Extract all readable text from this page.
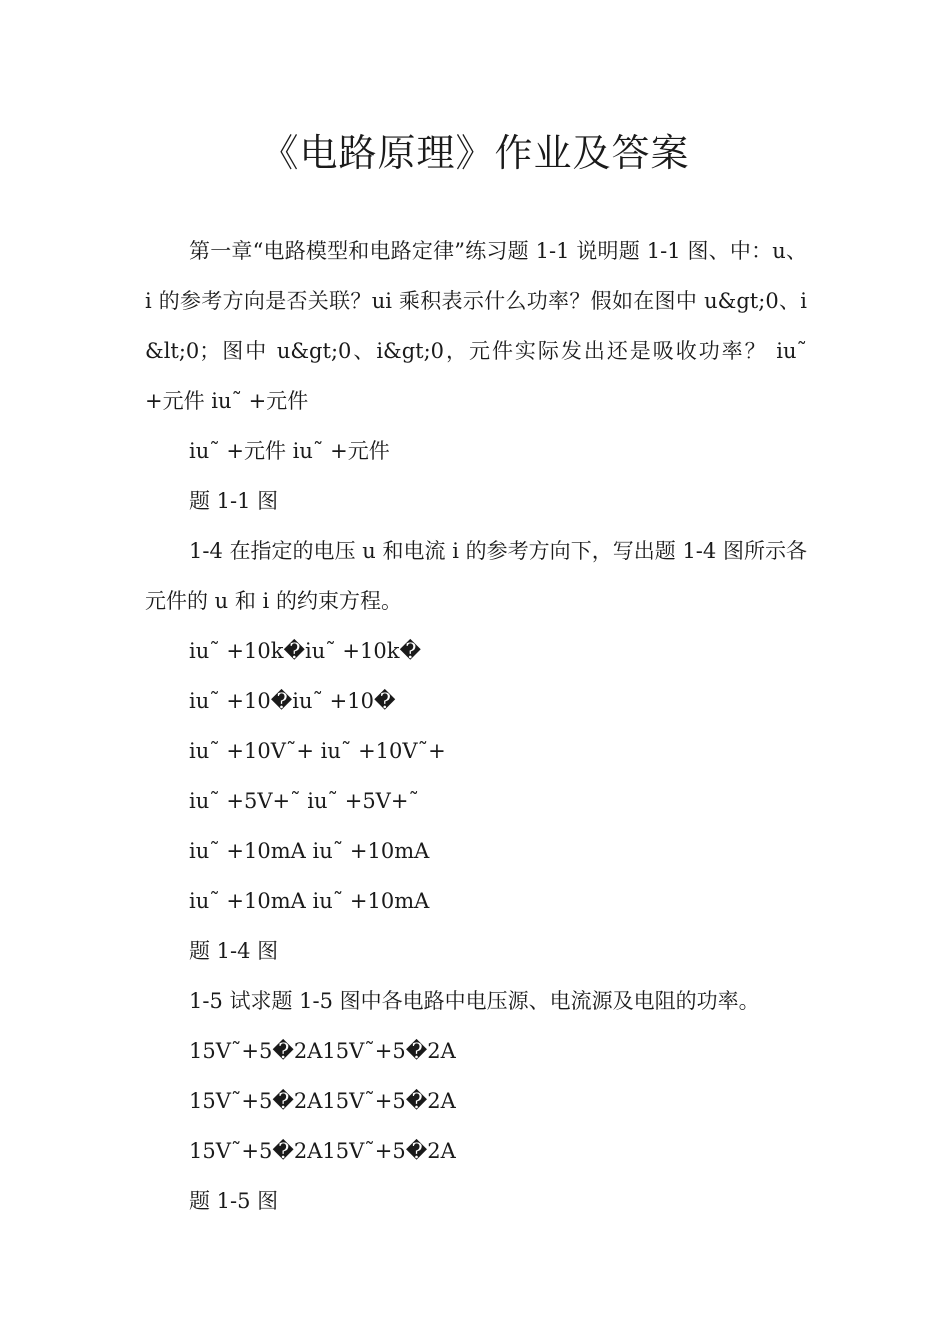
《电路原理》作业及答案

第一章“电路模型和电路定律”练习题 1-1 说明题 1-1 图、中：u、i 的参考方向是否关联？ui 乘积表示什么功率？假如在图中 u&gt;0、i&lt;0；图中 u&gt;0、i&gt;0，元件实际发出还是吸收功率？ iu˜ +元件 iu˜ +元件

iu˜ +元件 iu˜ +元件

题 1-1 图

1-4 在指定的电压 u 和电流 i 的参考方向下，写出题 1-4 图所示各元件的 u 和 i 的约束方程。

iu˜ +10k�iu˜ +10k�

iu˜ +10�iu˜ +10�

iu˜ +10V˜+ iu˜ +10V˜+

iu˜ +5V+˜ iu˜ +5V+˜

iu˜ +10mA iu˜ +10mA

iu˜ +10mA iu˜ +10mA

题 1-4 图

1-5 试求题 1-5 图中各电路中电压源、电流源及电阻的功率。

15V˜+5�2A15V˜+5�2A

15V˜+5�2A15V˜+5�2A

15V˜+5�2A15V˜+5�2A

题 1-5 图
